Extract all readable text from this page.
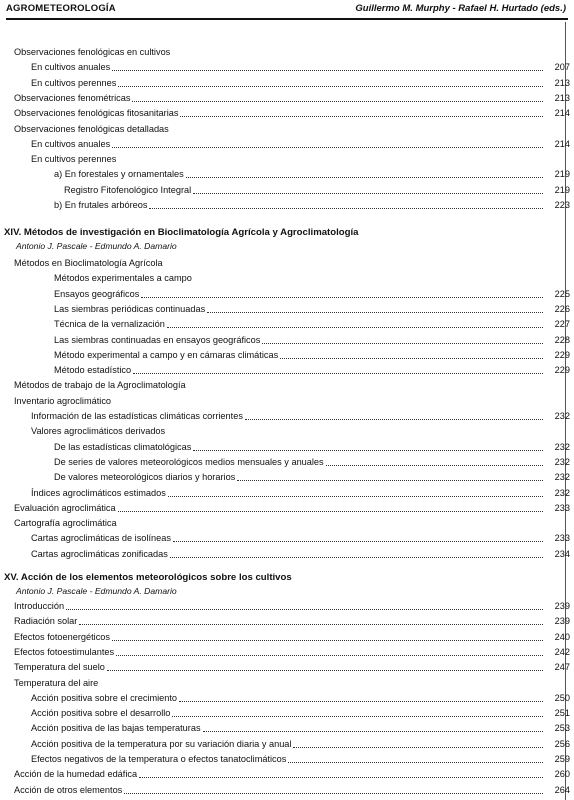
AGROMETEOROLOGÍA	Guillermo M. Murphy - Rafael H. Hurtado (eds.)
Observaciones fenológicas en cultivos
En cultivos anuales	207
En cultivos perennes	213
Observaciones fenométricas	213
Observaciones fenológicas fitosanitarias	214
Observaciones fenológicas detalladas
En cultivos anuales	214
En cultivos perennes
a) En forestales y ornamentales	219
Registro Fitofenológico Integral	219
b) En frutales arbóreos	223
XIV. Métodos de investigación en Bioclimatología Agrícola y Agroclimatología
Antonio J. Pascale - Edmundo A. Damario
Métodos en Bioclimatología Agrícola
Métodos experimentales a campo
Ensayos geográficos	225
Las siembras periódicas continuadas	226
Técnica de la vernalización	227
Las siembras continuadas en ensayos geográficos	228
Método experimental a campo y en cámaras climáticas	229
Método estadístico	229
Métodos de trabajo de la Agroclimatología
Inventario agroclimático
Información de las estadísticas climáticas corrientes	232
Valores agroclimáticos derivados
De las estadísticas climatológicas	232
De series de valores meteorológicos medios mensuales y anuales	232
De valores meteorológicos diarios y horarios	232
Índices agroclimáticos estimados	232
Evaluación agroclimática	233
Cartografía agroclimática
Cartas agroclimáticas de isolíneas	233
Cartas agroclimáticas zonificadas	234
XV. Acción de los elementos meteorológicos sobre los cultivos
Antonio J. Pascale - Edmundo A. Damario
Introducción	239
Radiación solar	239
Efectos fotoenergéticos	240
Efectos fotoestimulantes	242
Temperatura del suelo	247
Temperatura del aire
Acción positiva sobre el crecimiento	250
Acción positiva sobre el desarrollo	251
Acción positiva de las bajas temperaturas	253
Acción positiva de la temperatura por su variación diaria y anual	256
Efectos negativos de la temperatura o efectos tanatoclimáticos	259
Acción de la humedad edáfica	260
Acción de otros elementos	264
